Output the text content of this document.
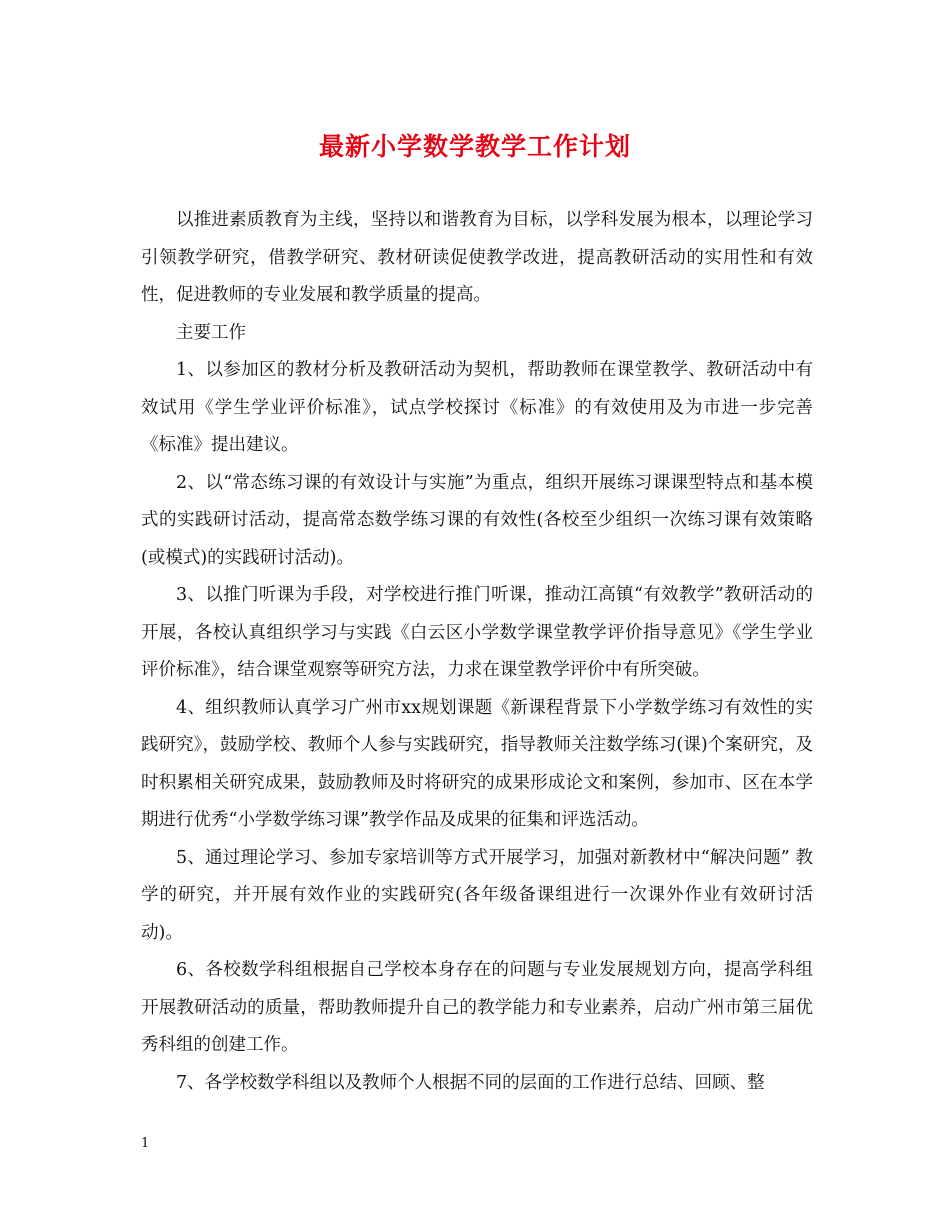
最新小学数学教学工作计划

以推进素质教育为主线，坚持以和谐教育为目标，以学科发展为根本，以理论学习引领教学研究，借教学研究、教材研读促使教学改进，提高教研活动的实用性和有效性，促进教师的专业发展和教学质量的提高。

主要工作

1、以参加区的教材分析及教研活动为契机，帮助教师在课堂教学、教研活动中有效试用《学生学业评价标准》，试点学校探讨《标准》的有效使用及为市进一步完善《标准》提出建议。

2、以“常态练习课的有效设计与实施”为重点，组织开展练习课课型特点和基本模式的实践研讨活动，提高常态数学练习课的有效性(各校至少组织一次练习课有效策略(或模式)的实践研讨活动)。

3、以推门听课为手段，对学校进行推门听课，推动江高镇“有效教学”教研活动的开展，各校认真组织学习与实践《白云区小学数学课堂教学评价指导意见》《学生学业评价标准》，结合课堂观察等研究方法，力求在课堂教学评价中有所突破。

4、组织教师认真学习广州市xx规划课题《新课程背景下小学数学练习有效性的实践研究》，鼓励学校、教师个人参与实践研究，指导教师关注数学练习(课)个案研究，及时积累相关研究成果，鼓励教师及时将研究的成果形成论文和案例，参加市、区在本学期进行优秀“小学数学练习课”教学作品及成果的征集和评选活动。

5、通过理论学习、参加专家培训等方式开展学习，加强对新教材中“解决问题” 教学的研究，并开展有效作业的实践研究(各年级备课组进行一次课外作业有效研讨活动)。

6、各校数学科组根据自己学校本身存在的问题与专业发展规划方向，提高学科组开展教研活动的质量，帮助教师提升自己的教学能力和专业素养，启动广州市第三届优秀科组的创建工作。

7、各学校数学科组以及教师个人根据不同的层面的工作进行总结、回顾、整

1
